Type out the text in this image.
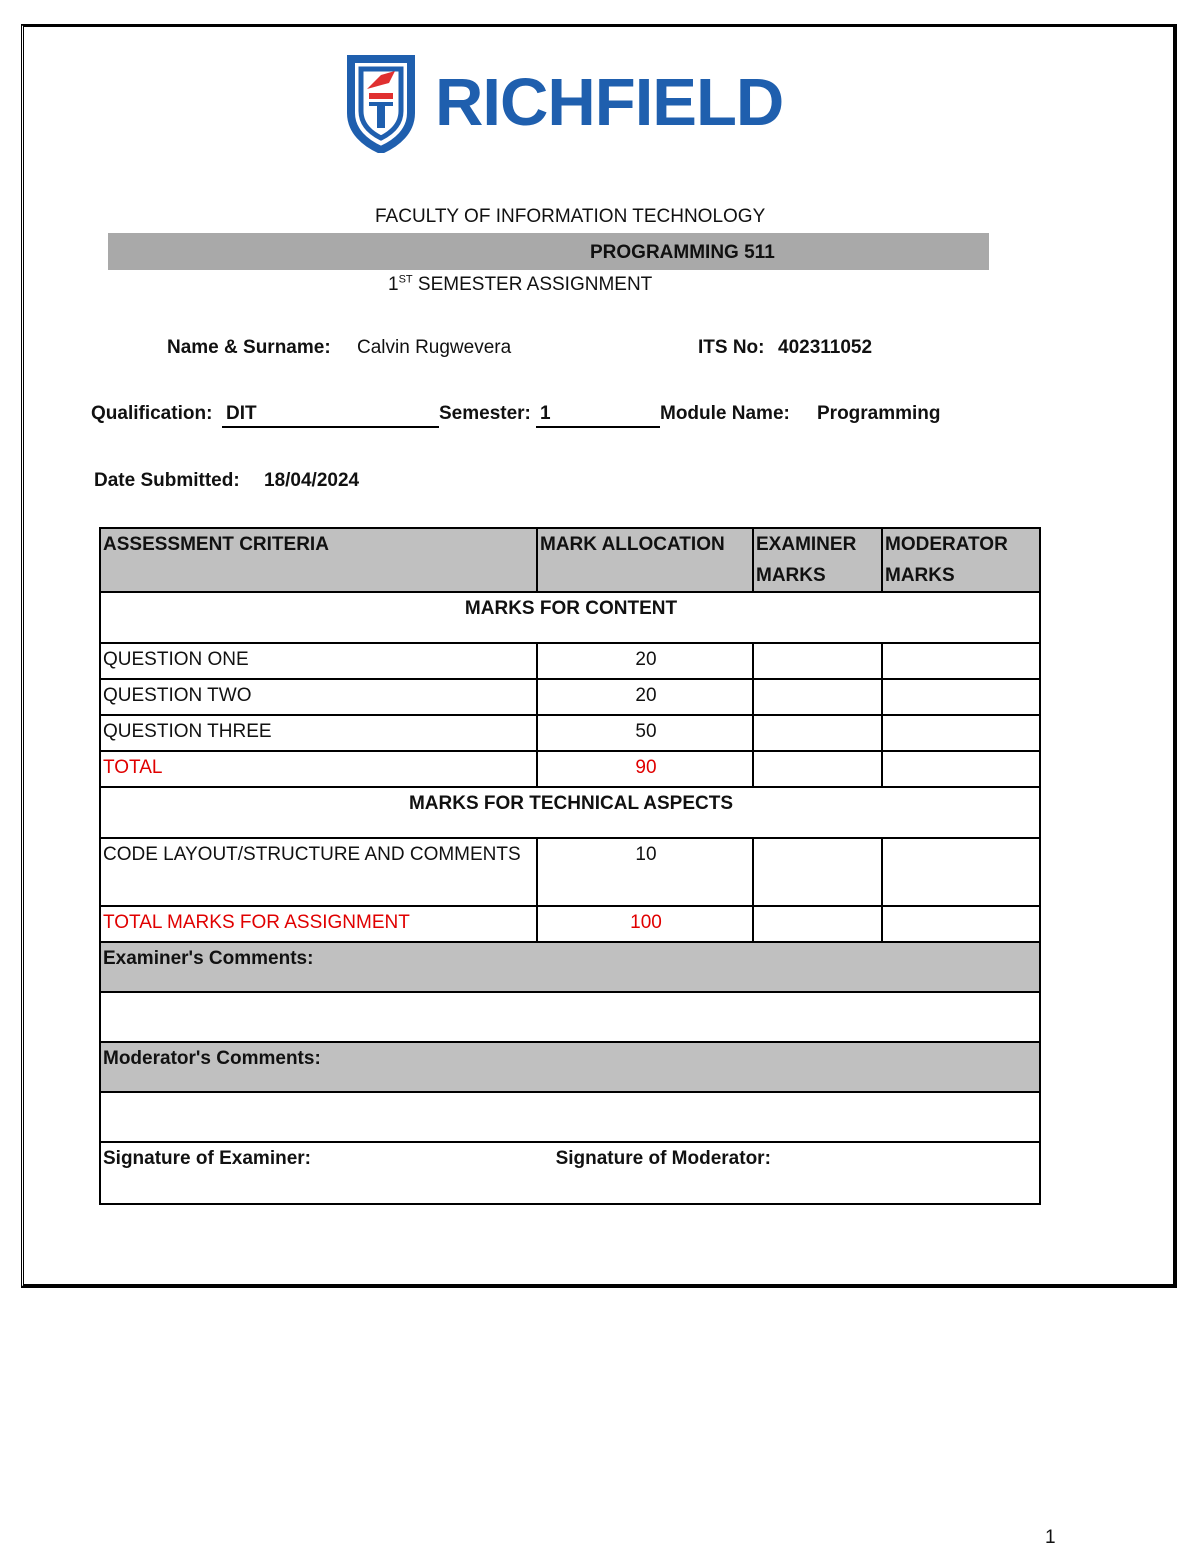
RICHFIELD
FACULTY OF INFORMATION TECHNOLOGY
PROGRAMMING 511
1ST SEMESTER ASSIGNMENT
Name & Surname: Calvin Rugwevera	ITS No: 402311052
Qualification: DIT	Semester: 1	Module Name: Programming
Date Submitted: 18/04/2024
ASSESSMENT CRITERIA	MARK ALLOCATION	EXAMINER MARKS	MODERATOR MARKS
MARKS FOR CONTENT			
QUESTION ONE	20		
QUESTION TWO	20		
QUESTION THREE	50		
TOTAL	90		
MARKS FOR TECHNICAL ASPECTS			
CODE LAYOUT/STRUCTURE AND COMMENTS	10		
TOTAL MARKS FOR ASSIGNMENT	100		
Examiner's Comments:			

Moderator's Comments:			

Signature of Examiner: Signature of Moderator:			
1
